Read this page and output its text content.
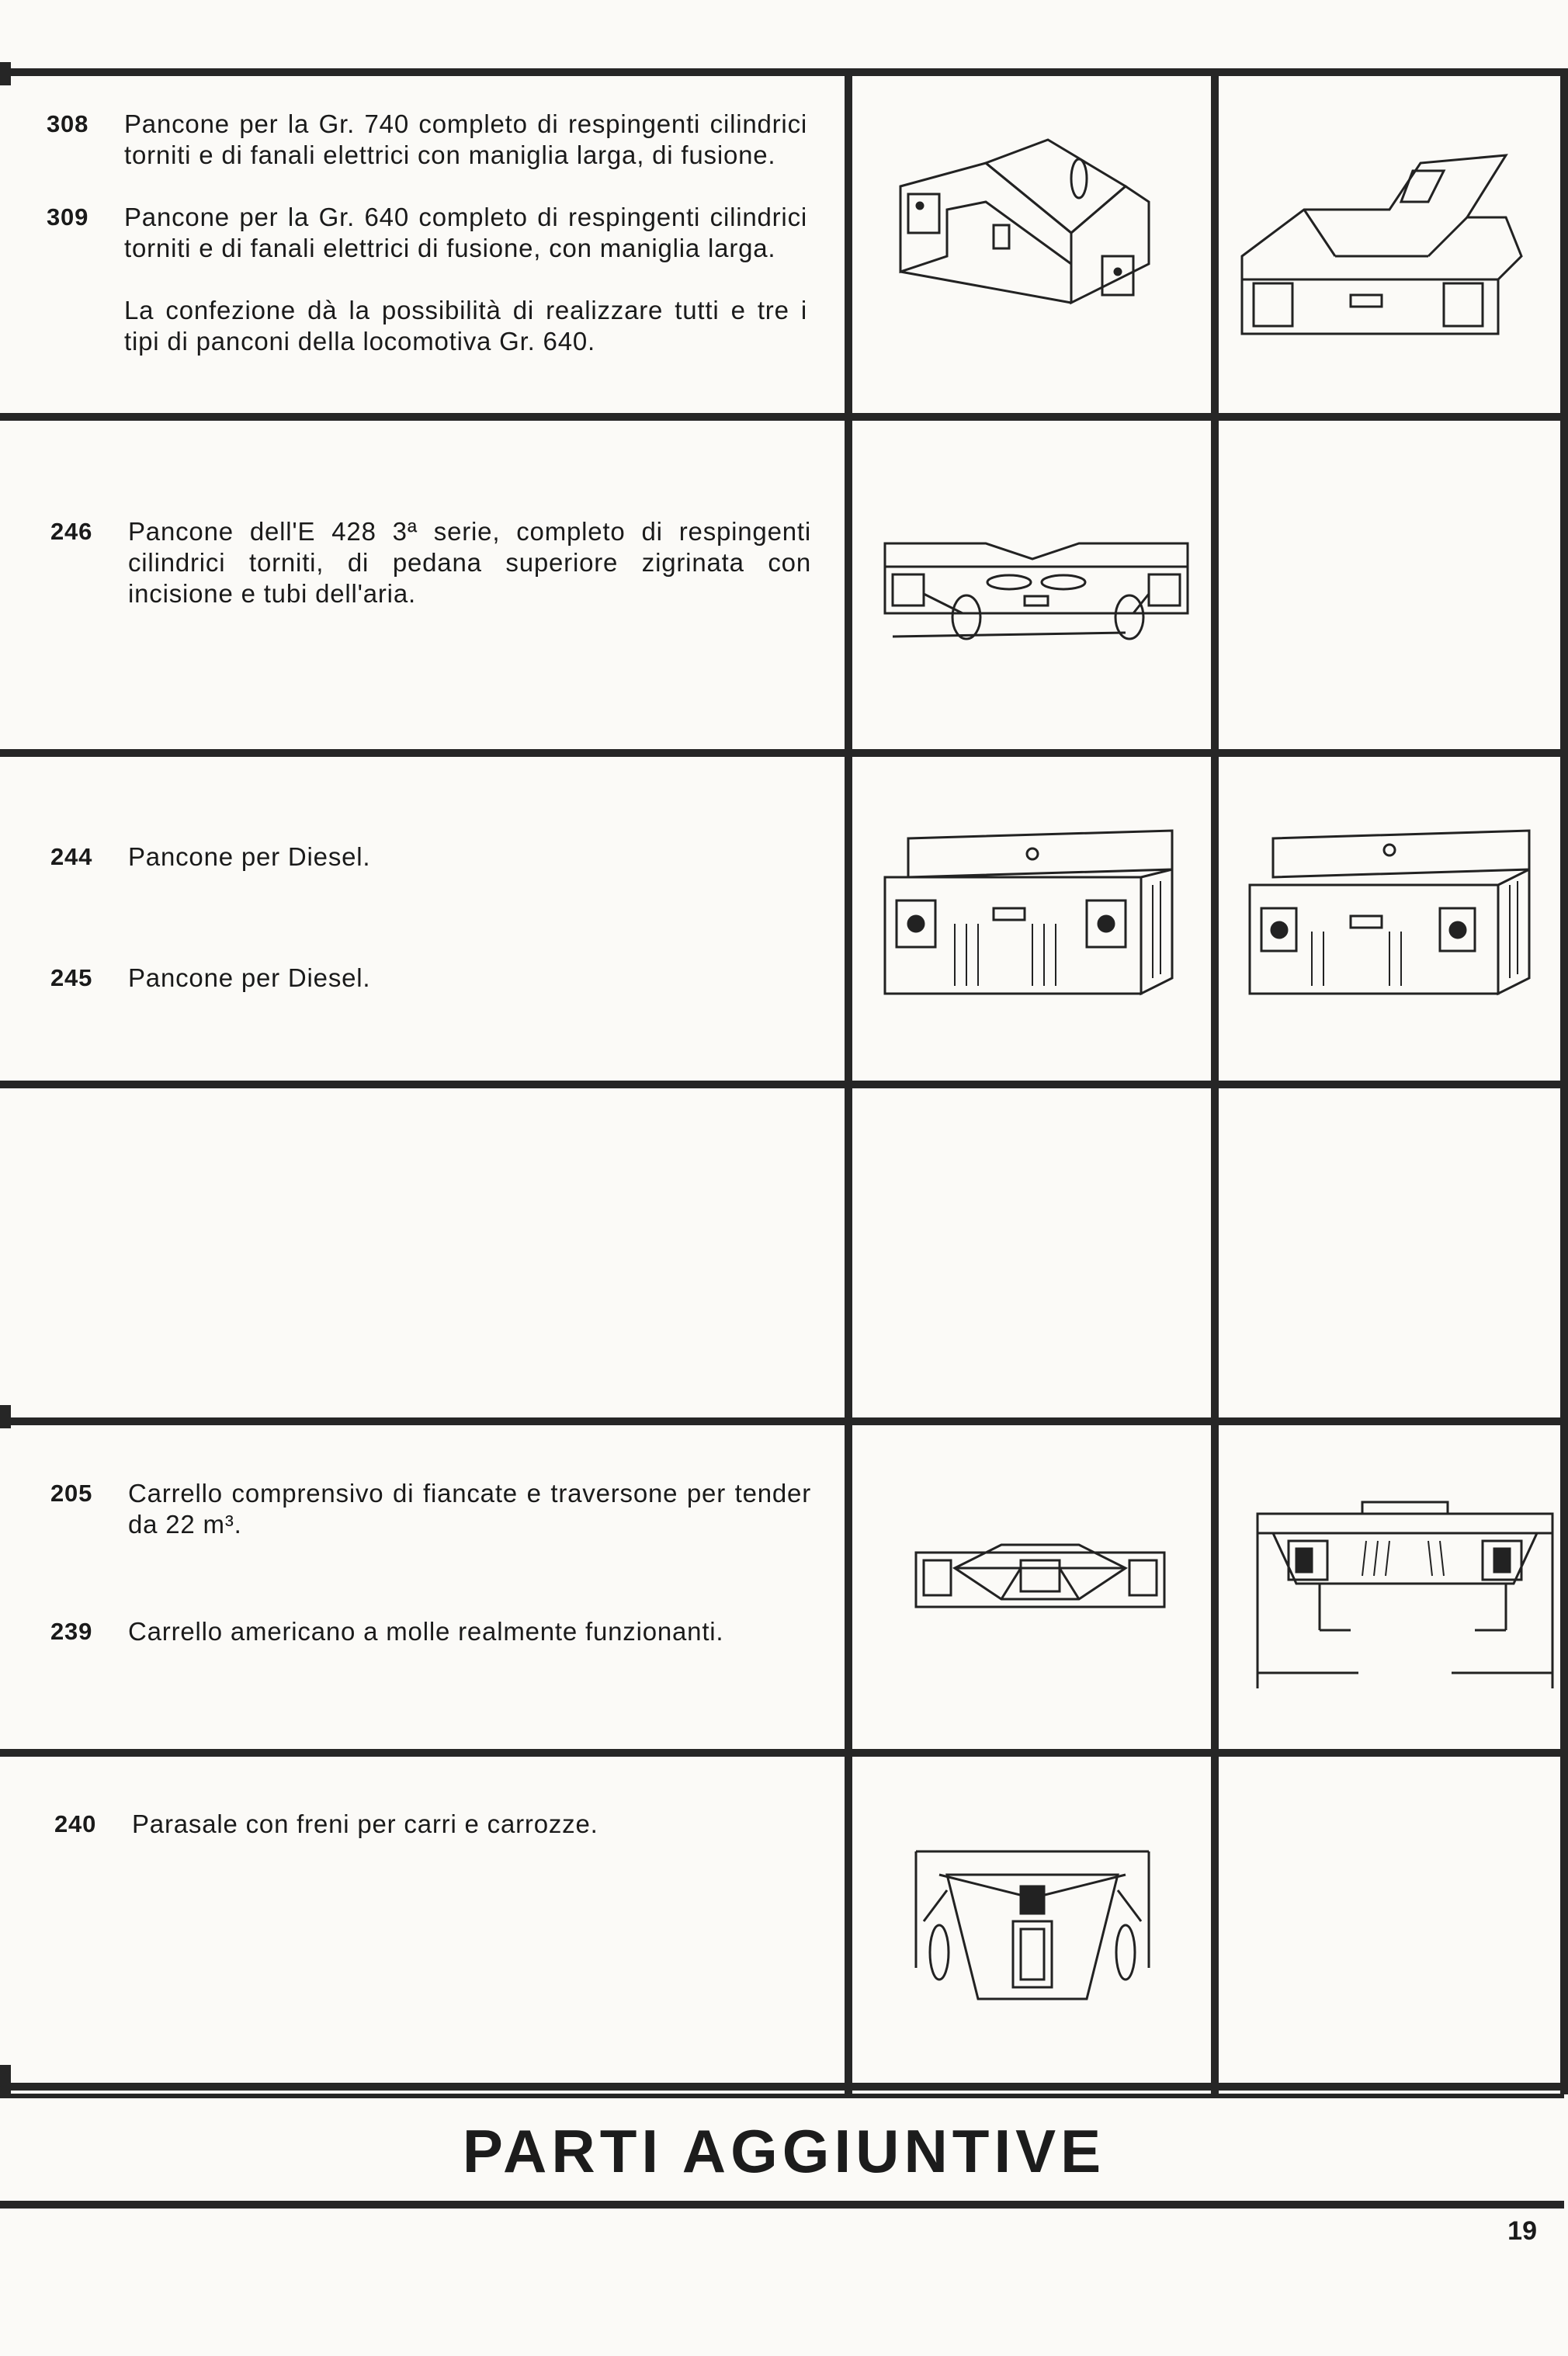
308	Pancone per la Gr. 740 completo di respingenti cilindrici torniti e di fanali elettrici con maniglia larga, di fusione.

309	Pancone per la Gr. 640 completo di respingenti cilindrici torniti e di fanali elettrici di fusione, con maniglia larga.

La confezione dà la possibilità di realizzare tutti e tre i tipi di panconi della locomotiva Gr. 640.

246	Pancone dell'E 428 3ª serie, completo di respingenti cilindrici torniti, di pedana superiore zigrinata con incisione e tubi dell'aria.

244	Pancone per Diesel.

245	Pancone per Diesel.

205	Carrello comprensivo di fiancate e traversone per tender da 22 m³.

239	Carrello americano a molle realmente funzionanti.

240	Parasale con freni per carri e carrozze.

PARTI AGGIUNTIVE
19
